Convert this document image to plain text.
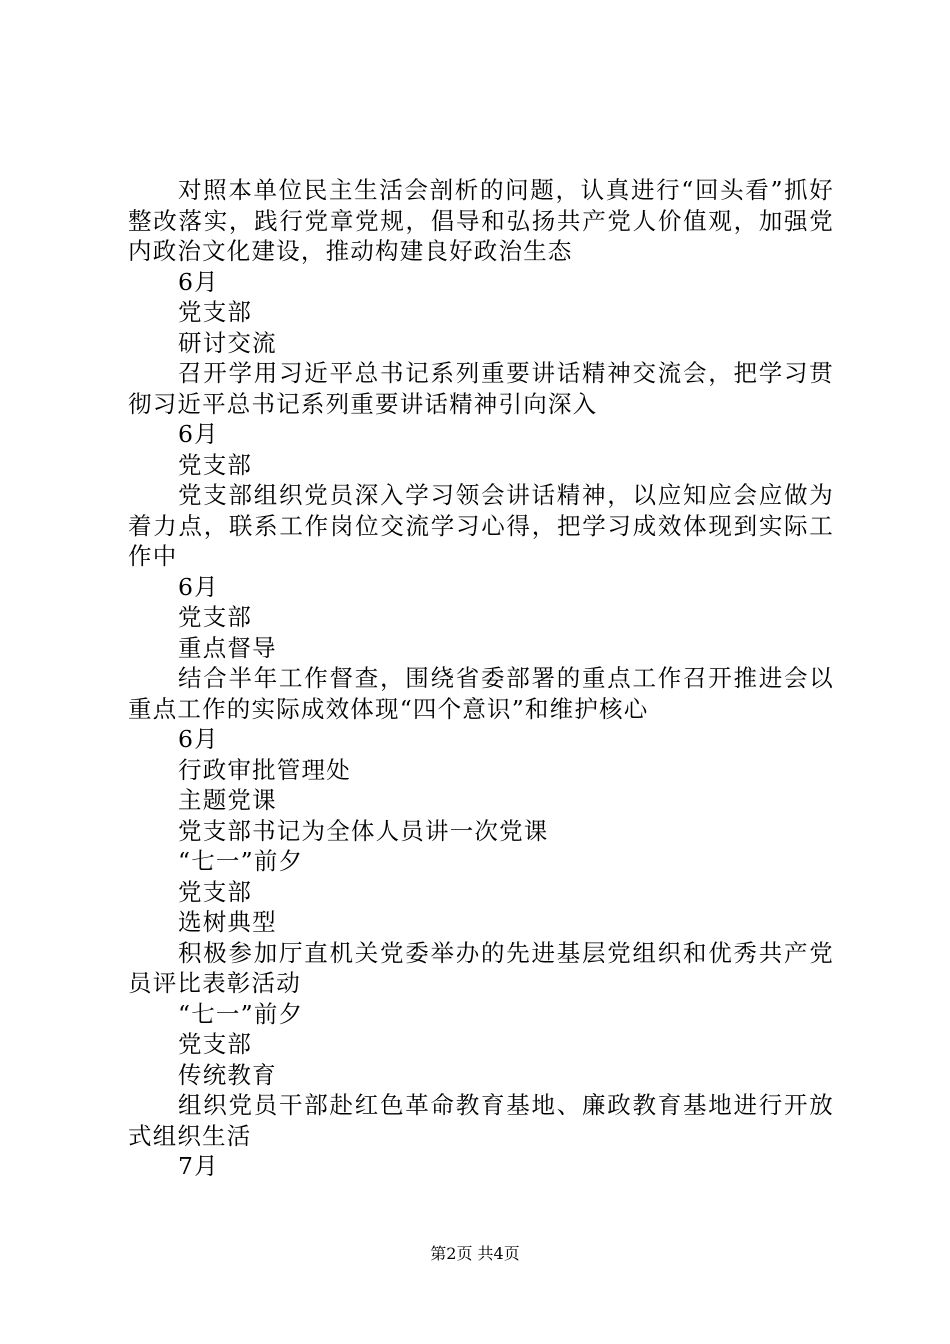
对照本单位民主生活会剖析的问题，认真进行“回头看”抓好整改落实，践行党章党规，倡导和弘扬共产党人价值观，加强党内政治文化建设，推动构建良好政治生态

6月

党支部

研讨交流

召开学用习近平总书记系列重要讲话精神交流会，把学习贯彻习近平总书记系列重要讲话精神引向深入

6月

党支部

党支部组织党员深入学习领会讲话精神，以应知应会应做为着力点，联系工作岗位交流学习心得，把学习成效体现到实际工作中

6月

党支部

重点督导

结合半年工作督查，围绕省委部署的重点工作召开推进会以重点工作的实际成效体现“四个意识”和维护核心

6月

行政审批管理处

主题党课

党支部书记为全体人员讲一次党课

“七一”前夕

党支部

选树典型

积极参加厅直机关党委举办的先进基层党组织和优秀共产党员评比表彰活动

“七一”前夕

党支部

传统教育

组织党员干部赴红色革命教育基地、廉政教育基地进行开放式组织生活

7月

第2页 共4页
